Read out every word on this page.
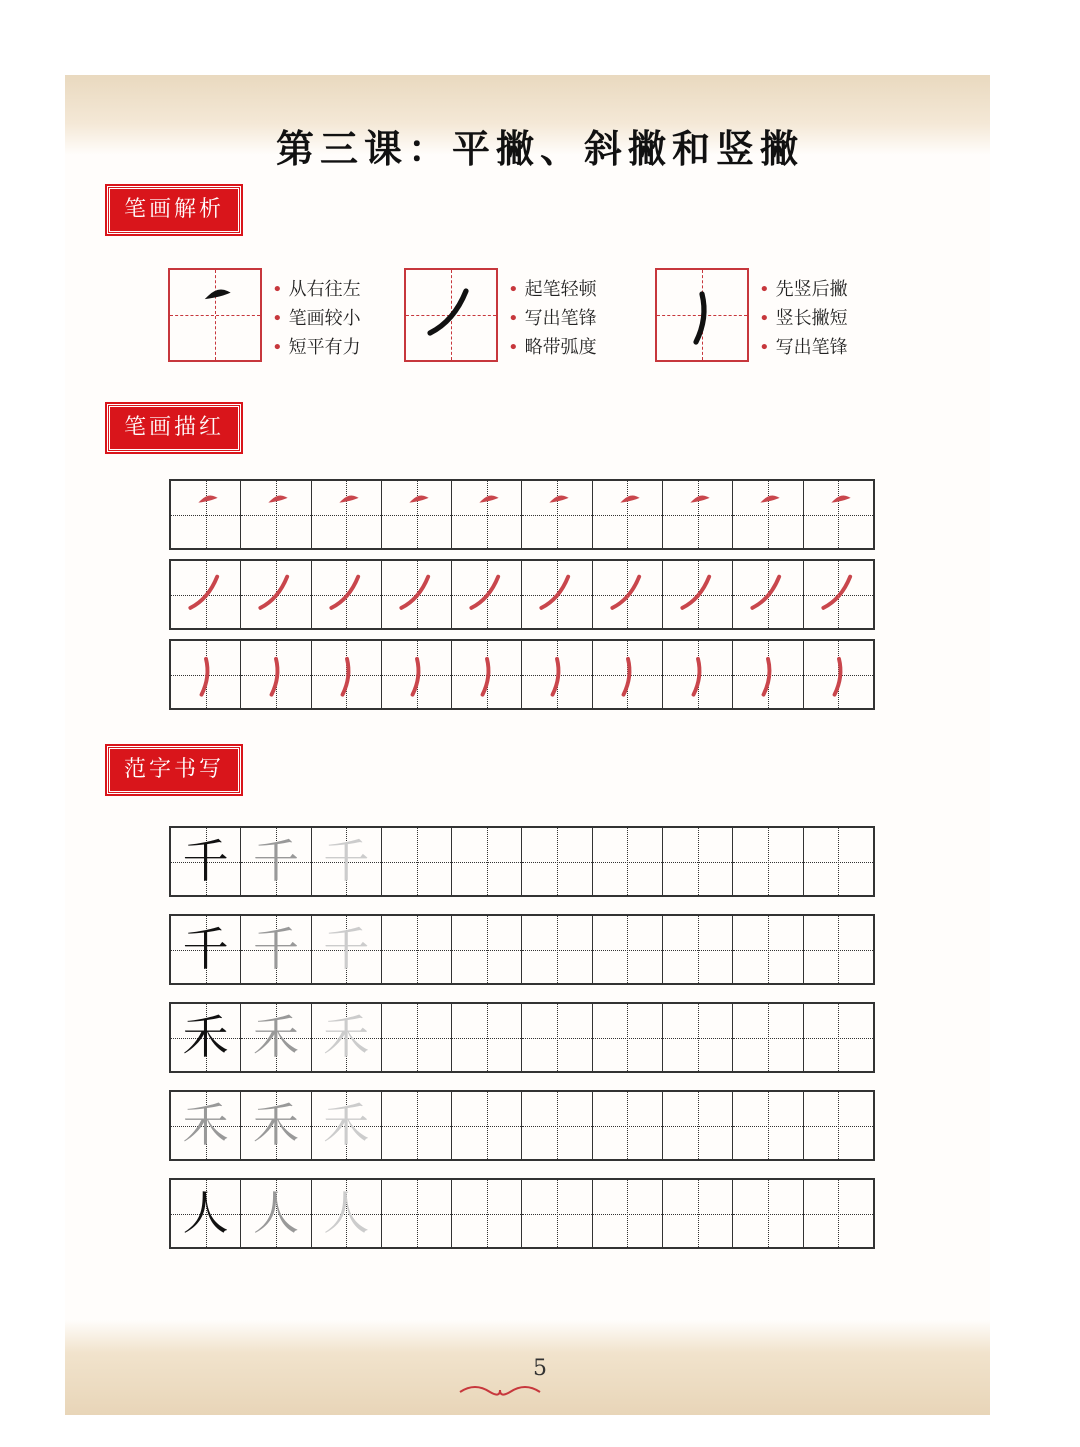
第三课：平撇、斜撇和竖撇
笔画解析
笔画描红
范字书写
• 从右往左
• 笔画较小
• 短平有力
• 起笔轻顿
• 写出笔锋
• 略带弧度
• 先竖后撇
• 竖长撇短
• 写出笔锋
千 千 千
千 千 千
禾 禾 禾
禾 禾 禾
人 人 人
5
